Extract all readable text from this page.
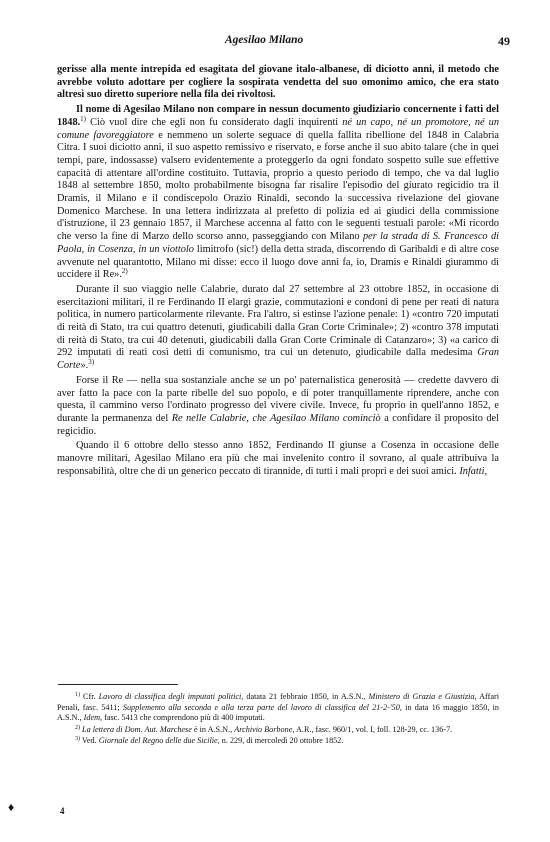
Agesilao Milano	49

gerisse alla mente intrepida ed esagitata del giovane italo-albanese, di diciotto anni, il metodo che avrebbe voluto adottare per cogliere la sospirata vendetta del suo omonimo amico, che era stato altresì suo diretto superiore nella fila dei rivoltosi.

Il nome di Agesilao Milano non compare in nessun documento giudiziario concernente i fatti del 1848.$^{1)}$ Ciò vuol dire che egli non fu considerato dagli inquirenti né un capo, né un promotore, né un comune favoreggiatore e nemmeno un solerte seguace di quella fallita ribellione del 1848 in Calabria Citra. I suoi diciotto anni, il suo aspetto remissivo e riservato, e forse anche il suo abito talare (che in quei tempi, pare, indossasse) valsero evidentemente a proteggerlo da ogni fondato sospetto sulle sue effettive capacità di attentare all'ordine costituito. Tuttavia, proprio a questo periodo di tempo, che va dal luglio 1848 al settembre 1850, molto probabilmente bisogna far risalire l'episodio del giurato regicidio tra il Dramis, il Milano e il condiscepolo Orazio Rinaldi, secondo la successiva rivelazione del giovane Domenico Marchese. In una lettera indirizzata al prefetto di polizia ed ai giudici della commissione d'istruzione, il 23 gennaio 1857, il Marchese accenna al fatto con le seguenti testuali parole: «Mi ricordo che verso la fine di Marzo dello scorso anno, passeggiando con Milano per la strada di S. Francesco di Paola, in Cosenza, in un viottolo limitrofo (sic!) della detta strada, discorrendo di Garibaldi e di altre cose avvenute nel quarantotto, Milano mi disse: ecco il luogo dove anni fa, io, Dramis e Rinaldi giurammo di uccidere il Re».$^{2)}$

Durante il suo viaggio nelle Calabrie, durato dal 27 settembre al 23 ottobre 1852, in occasione di esercitazioni militari, il re Ferdinando II elargì grazie, commutazioni e condoni di pene per reati di natura politica, in numero particolarmente rilevante. Fra l'altro, si estinse l'azione penale: 1) «contro 720 imputati di reità di Stato, tra cui quattro detenuti, giudicabili dalla Gran Corte Criminale»; 2) «contro 378 imputati di reità di Stato, tra cui 40 detenuti, giudicabili dalla Gran Corte Criminale di Catanzaro»; 3) «a carico di 292 imputati di reati così detti di comunismo, tra cui un detenuto, giudicabile dalla medesima Gran Corte».$^{3)}$

Forse il Re — nella sua sostanziale anche se un po' paternalistica generosità — credette davvero di aver fatto la pace con la parte ribelle del suo popolo, e di poter tranquillamente riprendere, anche con questa, il cammino verso l'ordinato progresso del vivere civile. Invece, fu proprio in quell'anno 1852, e durante la permanenza del Re nelle Calabrie, che Agesilao Milano cominciò a confidare il proposito del regicidio.

Quando il 6 ottobre dello stesso anno 1852, Ferdinando II giunse a Cosenza in occasione delle manovre militari, Agesilao Milano era più che mai invelenito contro il sovrano, al quale attribuiva la responsabilità, oltre che di un generico peccato di tirannide, di tutti i mali propri e dei suoi amici. Infatti,

$^{1)}$ Cfr. Lavoro di classifica degli imputati politici, datata 21 febbraio 1850, in A.S.N., Ministero di Grazia e Giustizia, Affari Penali, fasc. 5411; Supplemento alla seconda e alla terza parte del lavoro di classifica del 21-2-'50, in data 16 maggio 1850, in A.S.N., Idem, fasc. 5413 che comprendono più di 400 imputati.

$^{2)}$ La lettera di Dom. Aut. Marchese è in A.S.N., Archivio Borbone, A.R., fasc. 960/1, vol. I, foll. 128-29, cc. 136-7.

$^{3)}$ Ved. Giornale del Regno delle due Sicilie, n. 229, di mercoledì 20 ottobre 1852.

♦	4
